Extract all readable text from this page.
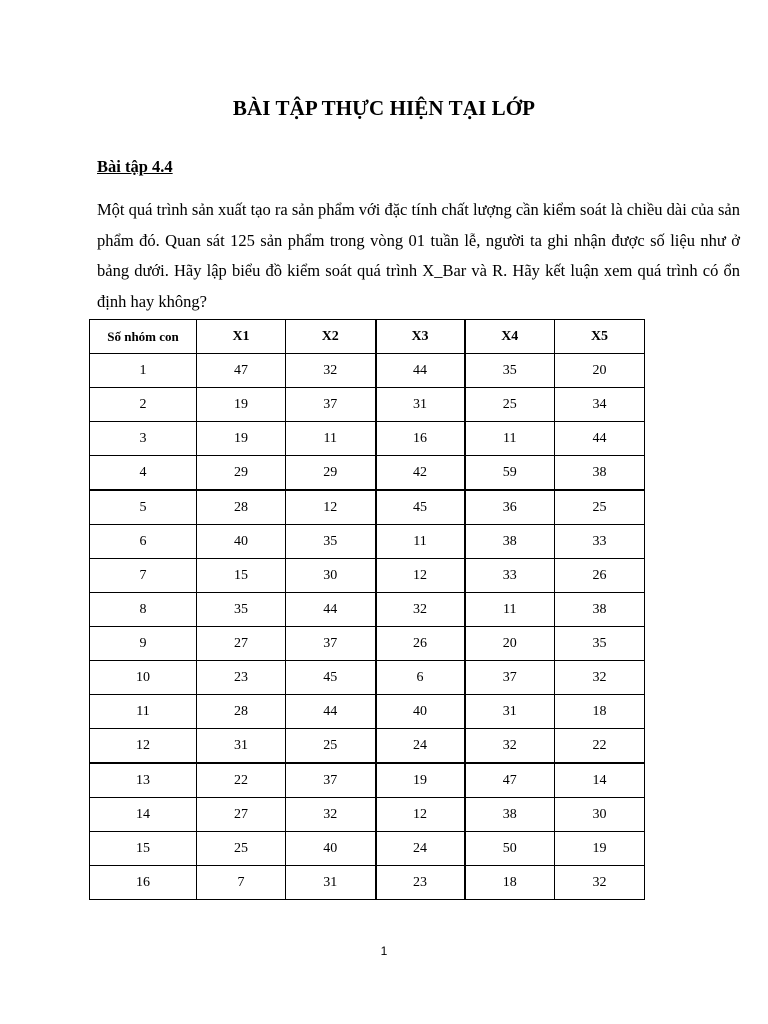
BÀI TẬP THỰC HIỆN TẠI LỚP
Bài tập 4.4

Một quá trình sản xuất tạo ra sản phẩm với đặc tính chất lượng cần kiểm soát là chiều dài của sản phẩm đó. Quan sát 125 sản phẩm trong vòng 01 tuần lễ, người ta ghi nhận được số liệu như ở bảng dưới. Hãy lập biểu đồ kiểm soát quá trình X_Bar và R. Hãy kết luận xem quá trình có ổn định hay không?

Số nhóm con	X1	X2	X3	X4	X5
1	47	32	44	35	20
2	19	37	31	25	34
3	19	11	16	11	44
4	29	29	42	59	38
5	28	12	45	36	25
6	40	35	11	38	33
7	15	30	12	33	26
8	35	44	32	11	38
9	27	37	26	20	35
10	23	45	6	37	32
11	28	44	40	31	18
12	31	25	24	32	22
13	22	37	19	47	14
14	27	32	12	38	30
15	25	40	24	50	19
16	7	31	23	18	32
1
